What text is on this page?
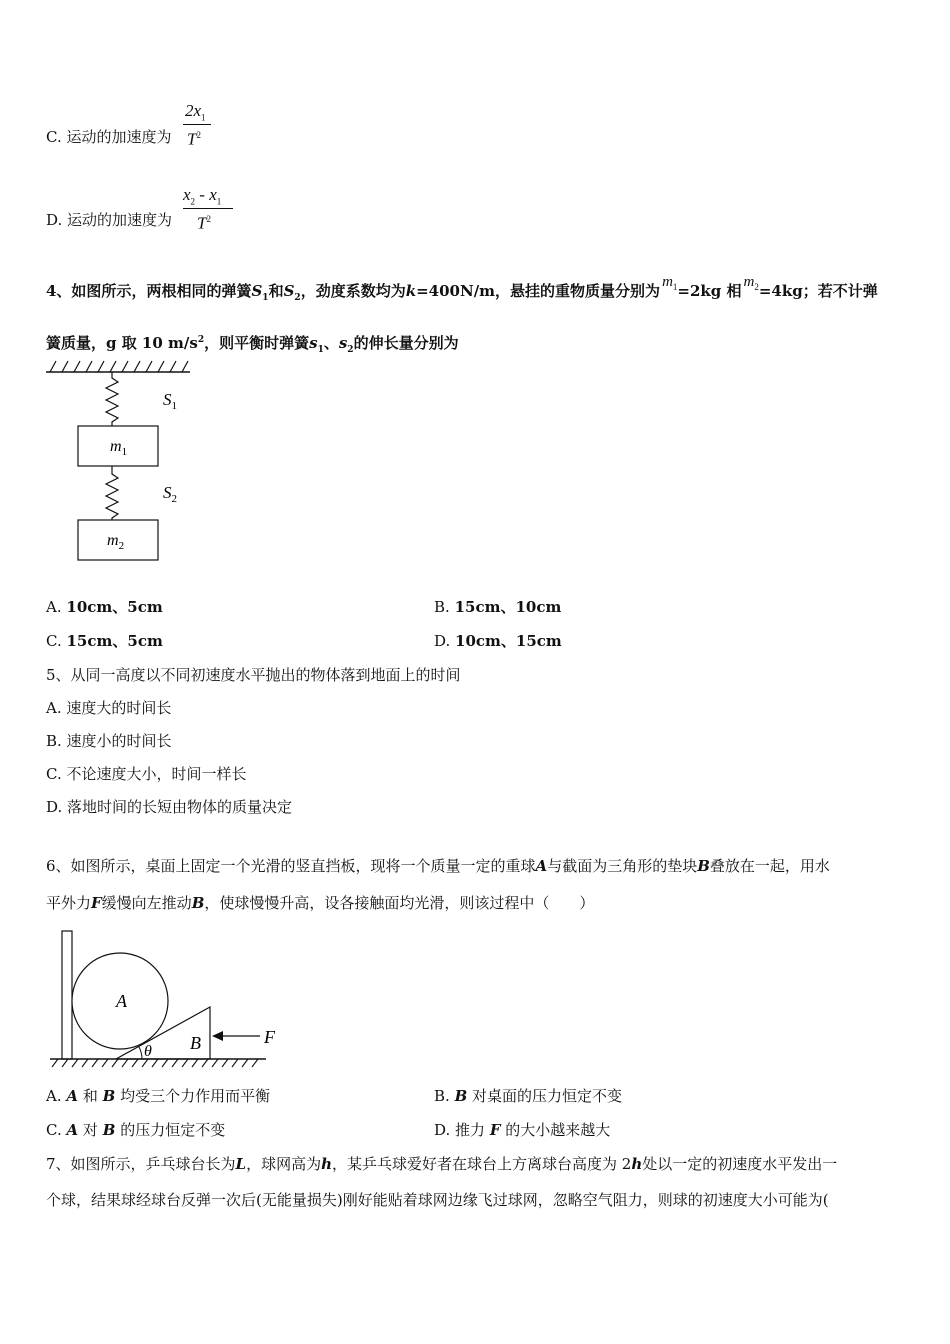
C. 运动的加速度为
$2x_1$
$T^2$
D. 运动的加速度为
$x_2 - x_1$
$T^2$
4、如图所示，两根相同的弹簧$S_1$和$S_2$，劲度系数均为k=400N/m，悬挂的重物质量分别为 $m_1=2kg$ 相 $m_2=4kg$；若不计弹
簧质量，g 取 10 $m/s^2$，则平衡时弹簧$s_1$、$s_2$的伸长量分别为
$S_1$
$S_2$
$m_1$
$m_2$
A. 10cm、5cm	B. 15cm、10cm
C. 15cm、5cm	D. 10cm、15cm
5、从同一高度以不同初速度水平抛出的物体落到地面上的时间
A. 速度大的时间长
B. 速度小的时间长
C. 不论速度大小，时间一样长
D. 落地时间的长短由物体的质量决定
6、如图所示，桌面上固定一个光滑的竖直挡板，现将一个质量一定的重球A与截面为三角形的垫块B叠放在一起，用水
平外力F缓慢向左推动B，使球慢慢升高，设各接触面均光滑，则该过程中（　　）
A
B
θ
F
A. A 和 B 均受三个力作用而平衡	B. B 对桌面的压力恒定不变
C. A 对 B 的压力恒定不变	D. 推力 F 的大小越来越大
7、如图所示，乒乓球台长为L，球网高为h，某乒乓球爱好者在球台上方离球台高度为 2h处以一定的初速度水平发出一
个球，结果球经球台反弹一次后(无能量损失)刚好能贴着球网边缘飞过球网，忽略空气阻力，则球的初速度大小可能为(
